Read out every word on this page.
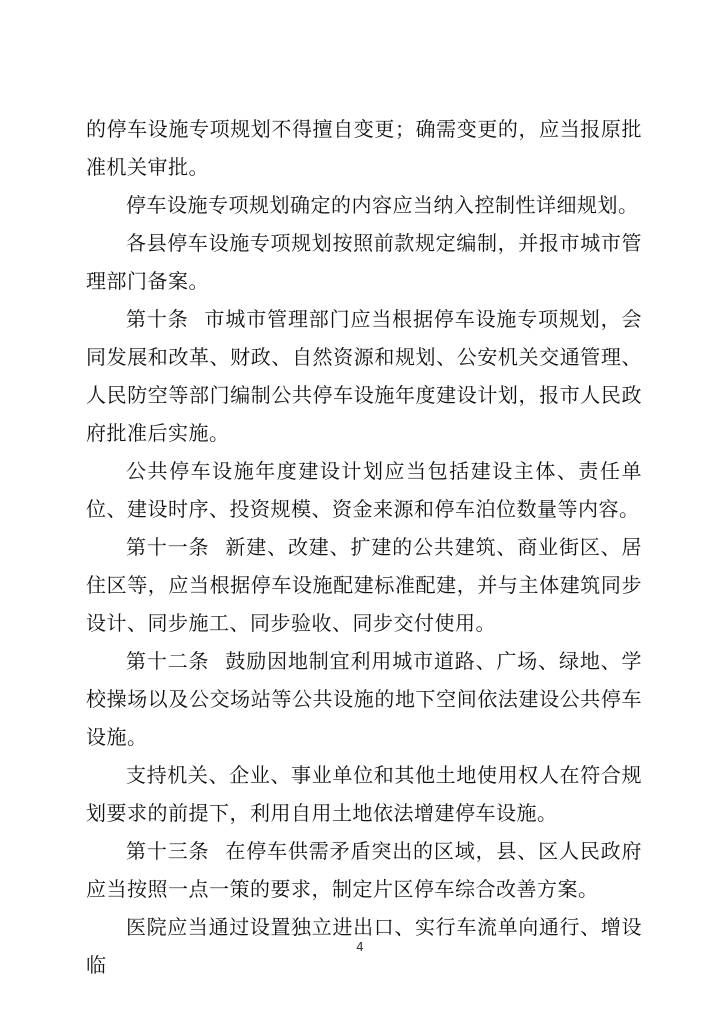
的停车设施专项规划不得擅自变更；确需变更的，应当报原批准机关审批。

停车设施专项规划确定的内容应当纳入控制性详细规划。

各县停车设施专项规划按照前款规定编制，并报市城市管理部门备案。

第十条 市城市管理部门应当根据停车设施专项规划，会同发展和改革、财政、自然资源和规划、公安机关交通管理、人民防空等部门编制公共停车设施年度建设计划，报市人民政府批准后实施。

公共停车设施年度建设计划应当包括建设主体、责任单位、建设时序、投资规模、资金来源和停车泊位数量等内容。

第十一条 新建、改建、扩建的公共建筑、商业街区、居住区等，应当根据停车设施配建标准配建，并与主体建筑同步设计、同步施工、同步验收、同步交付使用。

第十二条 鼓励因地制宜利用城市道路、广场、绿地、学校操场以及公交场站等公共设施的地下空间依法建设公共停车设施。

支持机关、企业、事业单位和其他土地使用权人在符合规划要求的前提下，利用自用土地依法增建停车设施。

第十三条 在停车供需矛盾突出的区域，县、区人民政府应当按照一点一策的要求，制定片区停车综合改善方案。

医院应当通过设置独立进出口、实行车流单向通行、增设临

4
